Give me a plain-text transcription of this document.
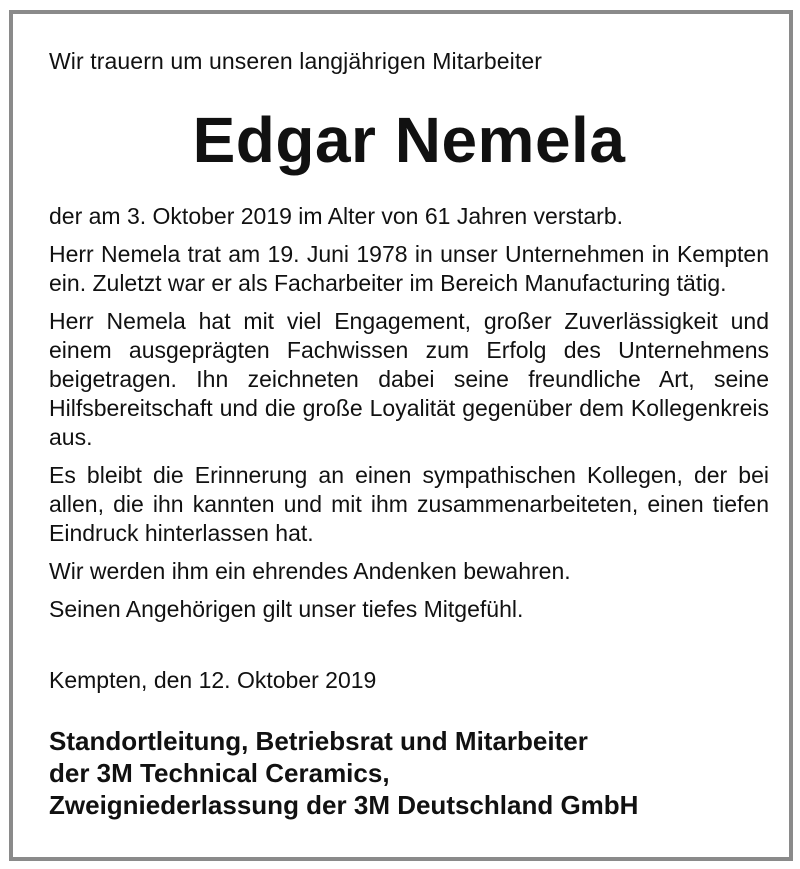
Wir trauern um unseren langjährigen Mitarbeiter

Edgar Nemela

der am 3. Oktober 2019 im Alter von 61 Jahren verstarb.

Herr Nemela trat am 19. Juni 1978 in unser Unternehmen in Kempten ein. Zuletzt war er als Facharbeiter im Bereich Manufacturing tätig.

Herr Nemela hat mit viel Engagement, großer Zuverlässigkeit und einem ausgeprägten Fachwissen zum Erfolg des Unternehmens beigetragen. Ihn zeichneten dabei seine freundliche Art, seine Hilfsbereitschaft und die große Loyalität gegenüber dem Kollegenkreis aus.

Es bleibt die Erinnerung an einen sympathischen Kollegen, der bei allen, die ihn kannten und mit ihm zusammenarbeiteten, einen tiefen Eindruck hinterlassen hat.

Wir werden ihm ein ehrendes Andenken bewahren.

Seinen Angehörigen gilt unser tiefes Mitgefühl.

Kempten, den 12. Oktober 2019

Standortleitung, Betriebsrat und Mitarbeiter
der 3M Technical Ceramics,
Zweigniederlassung der 3M Deutschland GmbH
